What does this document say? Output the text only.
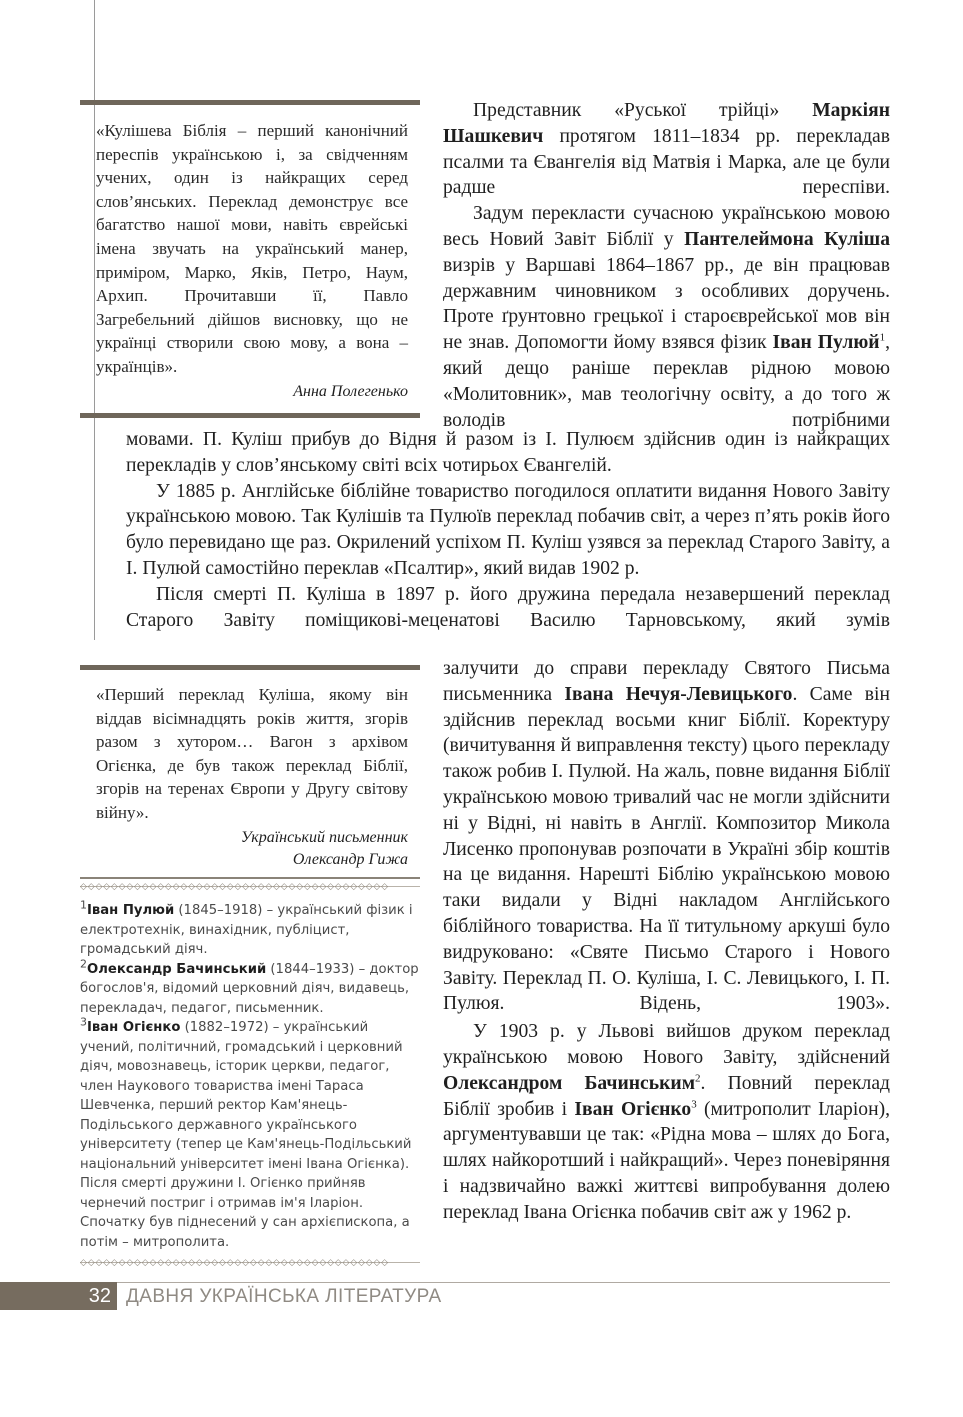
«Кулішева Біблія – перший канонічний переспів українською і, за свідченням учених, один із найкращих серед слов’янських. Переклад демонструє все багатство нашої мови, навіть єврейські імена звучать на український манер, приміром, Марко, Яків, Петро, Наум, Архип. Прочитавши її, Павло Загребельний дійшов висновку, що не українці створили свою мову, а вона – українців».

Анна Полегенько

Представник «Руської трійці» Маркіян Шашкевич протягом 1811–1834 рр. перекладав псалми та Євангелія від Матвія і Марка, але це були радше переспіви.

Задум перекласти сучасною українською мовою весь Новий Завіт Біблії у Пантелеймона Куліша визрів у Варшаві 1864–1867 рр., де він працював державним чиновником з особливих доручень. Проте ґрунтовно грецької і староєврейської мов він не знав. Допомогти йому взявся фізик Іван Пулюй$^1$, який дещо раніше переклав рідною мовою «Молитовник», мав теологічну освіту, а до того ж володів потрібними

мовами. П. Куліш прибув до Відня й разом із І. Пулюєм здійснив один із найкращих перекладів у слов’янському світі всіх чотирьох Євангелій.

У 1885 р. Англійське біблійне товариство погодилося оплатити видання Нового Завіту українською мовою. Так Кулішів та Пулюїв переклад побачив світ, а через п’ять років його було перевидано ще раз. Окрилений успіхом П. Куліш узявся за переклад Старого Завіту, а І. Пулюй самостійно переклав «Псалтир», який видав 1902 р.

Після смерті П. Куліша в 1897 р. його дружина передала незавершений переклад Старого Завіту поміщикові-меценатові Василю Тарновському, який зумів

«Перший переклад Куліша, якому він віддав вісімнадцять років життя, згорів разом з хутором… Вагон з архівом Огієнка, де був також переклад Біблії, згорів на теренах Європи у Другу світову війну».

Український письменник

Олександр Гижа

залучити до справи перекладу Святого Письма письменника Івана Нечуя-Левицького. Саме він здійснив переклад восьми книг Біблії. Коректуру (вичитування й виправлення тексту) цього перекладу також робив І. Пулюй. На жаль, повне видання Біблії українською мовою тривалий час не могли здійснити ні у Відні, ні навіть в Англії. Композитор Микола Лисенко пропонував розпочати в Україні збір коштів на це видання. Нарешті Біблію українською мовою таки видали у Відні накладом Англійського біблійного товариства. На її титульному аркуші було видруковано: «Святе Письмо Старого і Нового Завіту. Переклад П. О. Куліша, І. С. Левицького, І. П. Пулюя. Відень, 1903».

У 1903 р. у Львові вийшов друком переклад українською мовою Нового Завіту, здійснений Олександром Бачинським$^2$. Повний переклад Біблії зробив і Іван Огієнко$^3$ (митрополит Іларіон), аргументувавши це так: «Рідна мова – шлях до Бога, шлях найкоротший і найкращий». Через поневіряння і надзвичайно важкі життєві випробування долею переклад Івана Огієнка побачив світ аж у 1962 р.

◇◇◇◇◇◇◇◇◇◇◇◇◇◇◇◇◇◇◇◇◇◇◇◇◇◇◇◇◇◇◇◇◇◇◇◇◇◇◇◇

$^1$Іван Пулюй (1845–1918) – український фізик і електротехнік, винахідник, публіцист, громадський діяч.

$^2$Олександр Бачинський (1844–1933) – доктор богослов'я, відомий церковний діяч, видавець, перекладач, педагог, письменник.

$^3$Іван Огієнко (1882–1972) – український учений, політичний, громадський і церковний діяч, мовознавець, історик церкви, педагог, член Наукового товариства імені Тараса Шевченка, перший ректор Кам'янець-Подільського державного українського університету (тепер це Кам'янець-Подільський національний університет імені Івана Огієнка). Після смерті дружини І. Огієнко прийняв чернечий постриг і отримав ім'я Іларіон. Спочатку був піднесений у сан архієпископа, а потім – митрополита.

◇◇◇◇◇◇◇◇◇◇◇◇◇◇◇◇◇◇◇◇◇◇◇◇◇◇◇◇◇◇◇◇◇◇◇◇◇◇◇◇
32 ДАВНЯ УКРАЇНСЬКА ЛІТЕРАТУРА
